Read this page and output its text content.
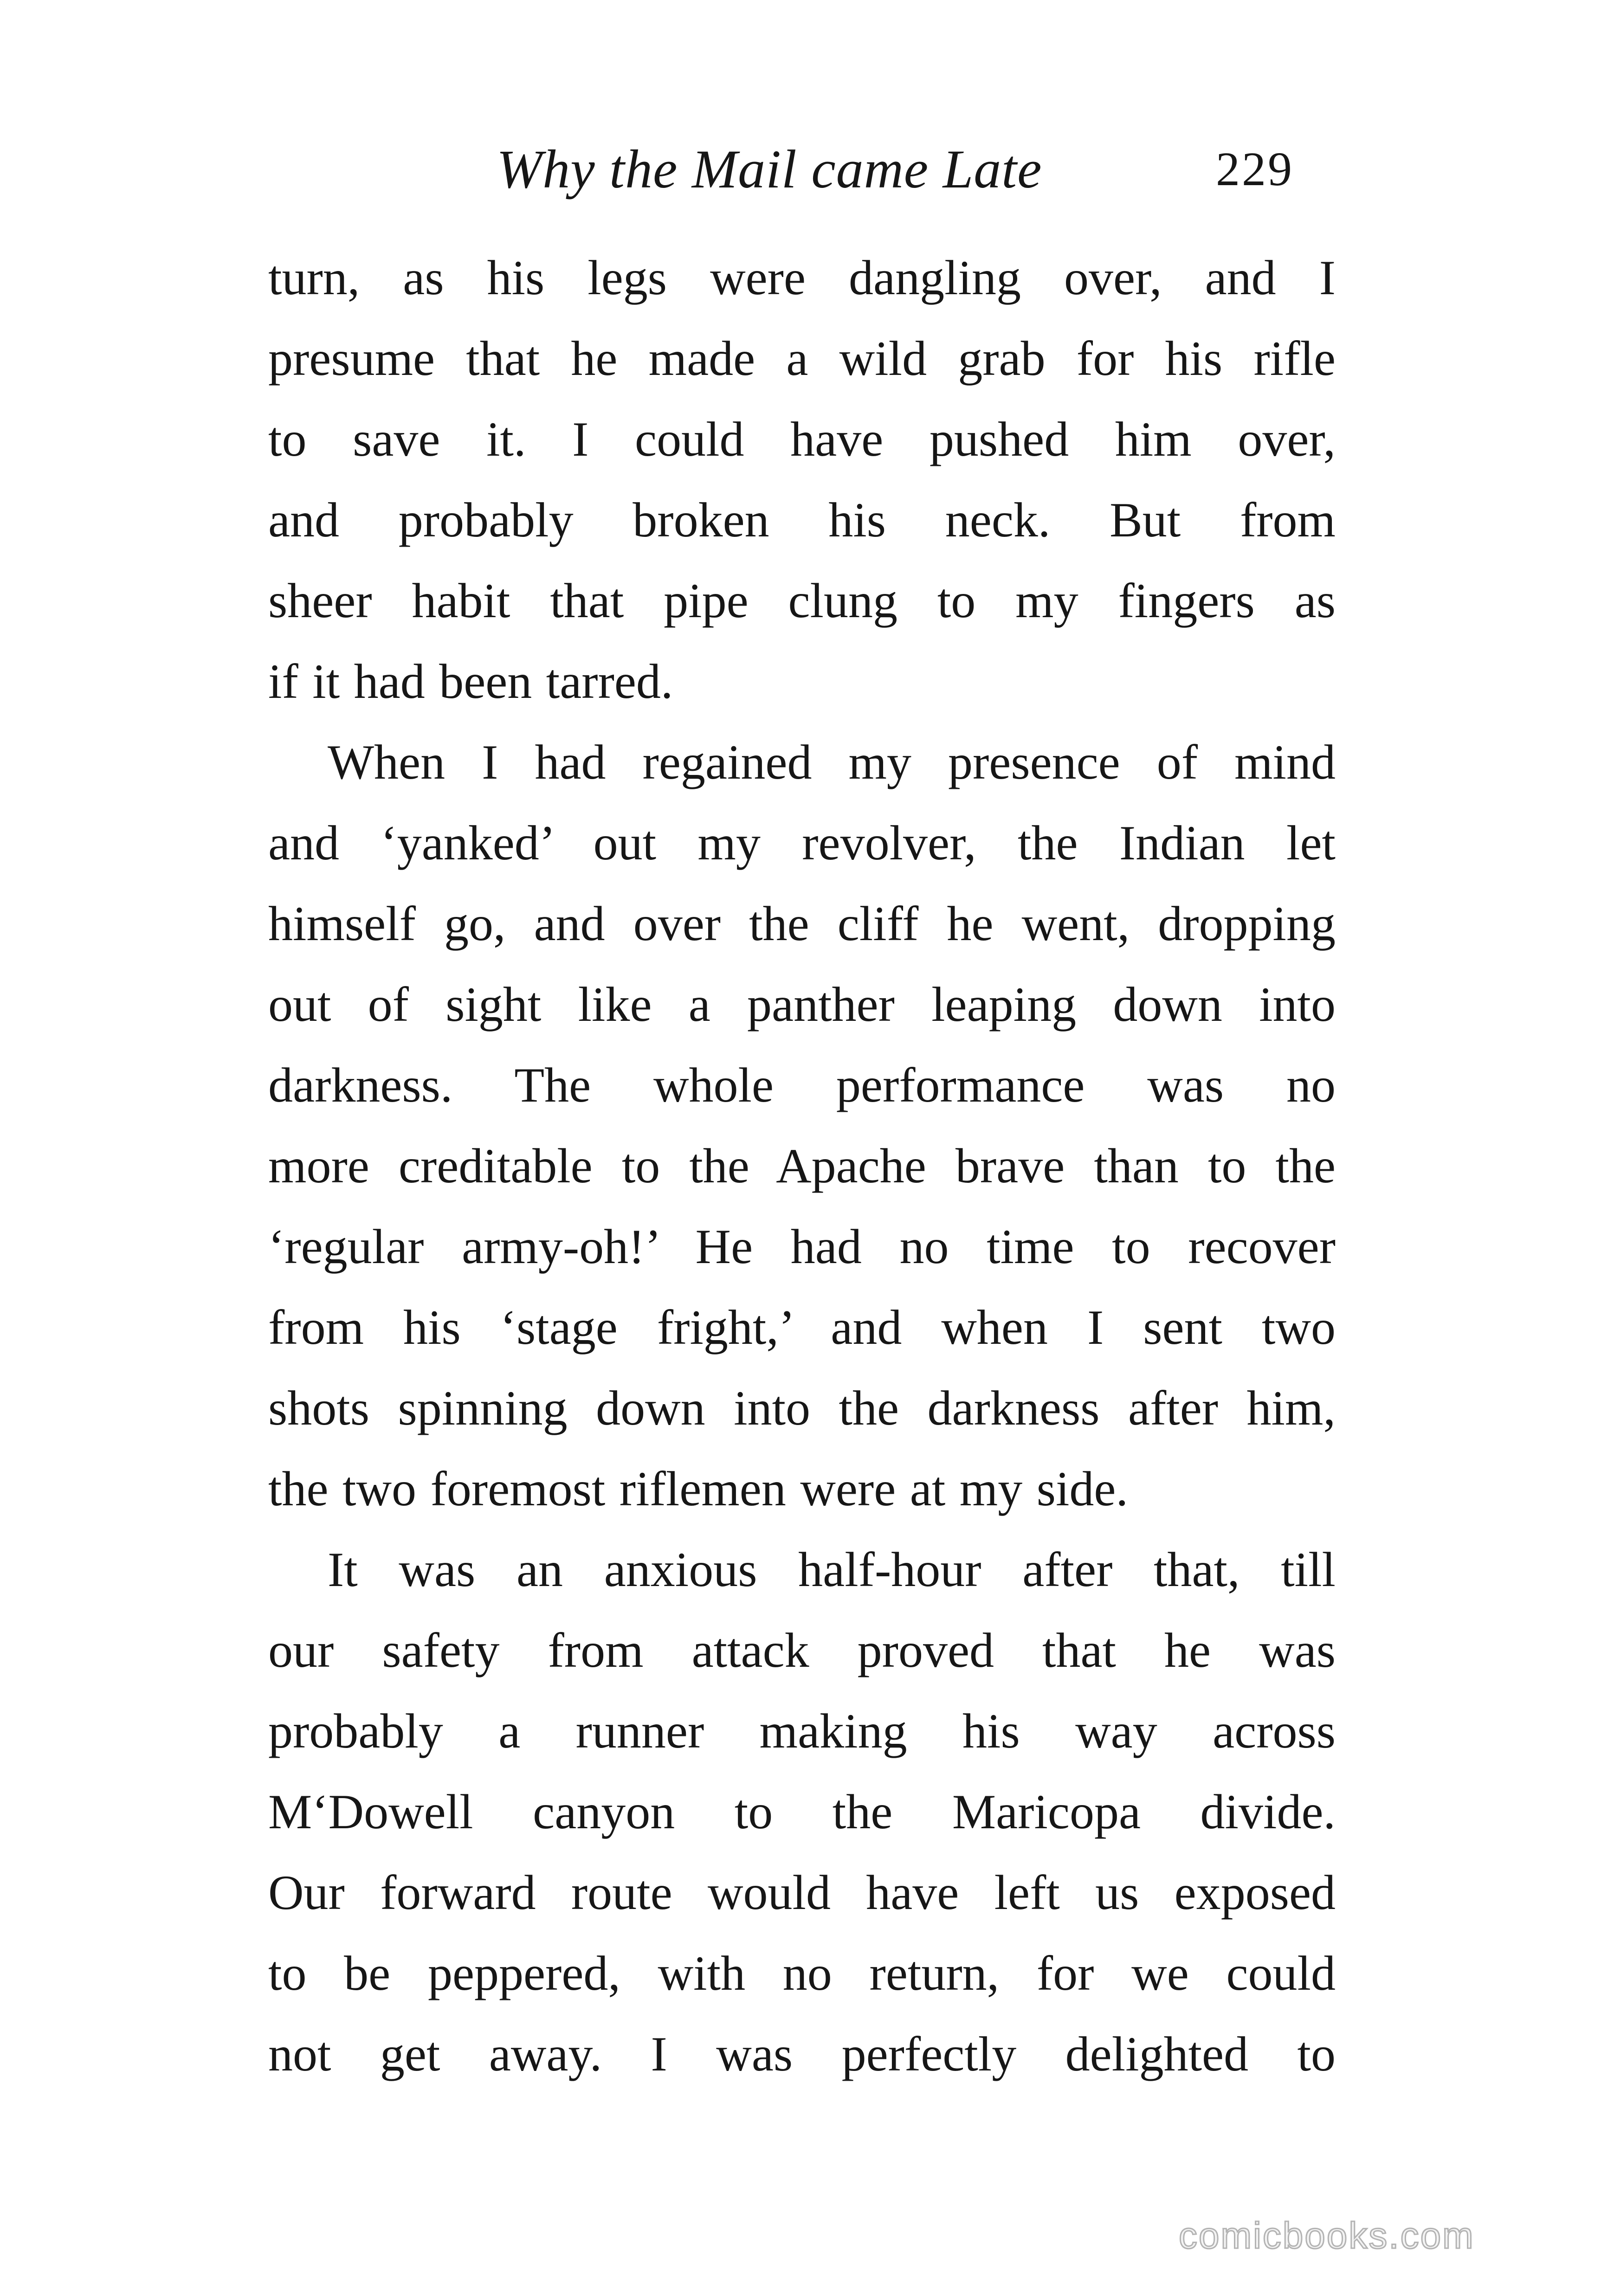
Why the Mail came Late	229
turn, as his legs were dangling over, and I
presume that he made a wild grab for his rifle
to save it. I could have pushed him over,
and probably broken his neck. But from
sheer habit that pipe clung to my fingers as
if it had been tarred.
When I had regained my presence of mind
and ‘yanked’ out my revolver, the Indian let
himself go, and over the cliff he went, dropping
out of sight like a panther leaping down into
darkness. The whole performance was no
more creditable to the Apache brave than to the
‘regular army-oh!’ He had no time to recover
from his ‘stage fright,’ and when I sent two
shots spinning down into the darkness after him,
the two foremost riflemen were at my side.
It was an anxious half-hour after that, till
our safety from attack proved that he was
probably a runner making his way across
M‘Dowell canyon to the Maricopa divide.
Our forward route would have left us exposed
to be peppered, with no return, for we could
not get away. I was perfectly delighted to
comicbooks.com
